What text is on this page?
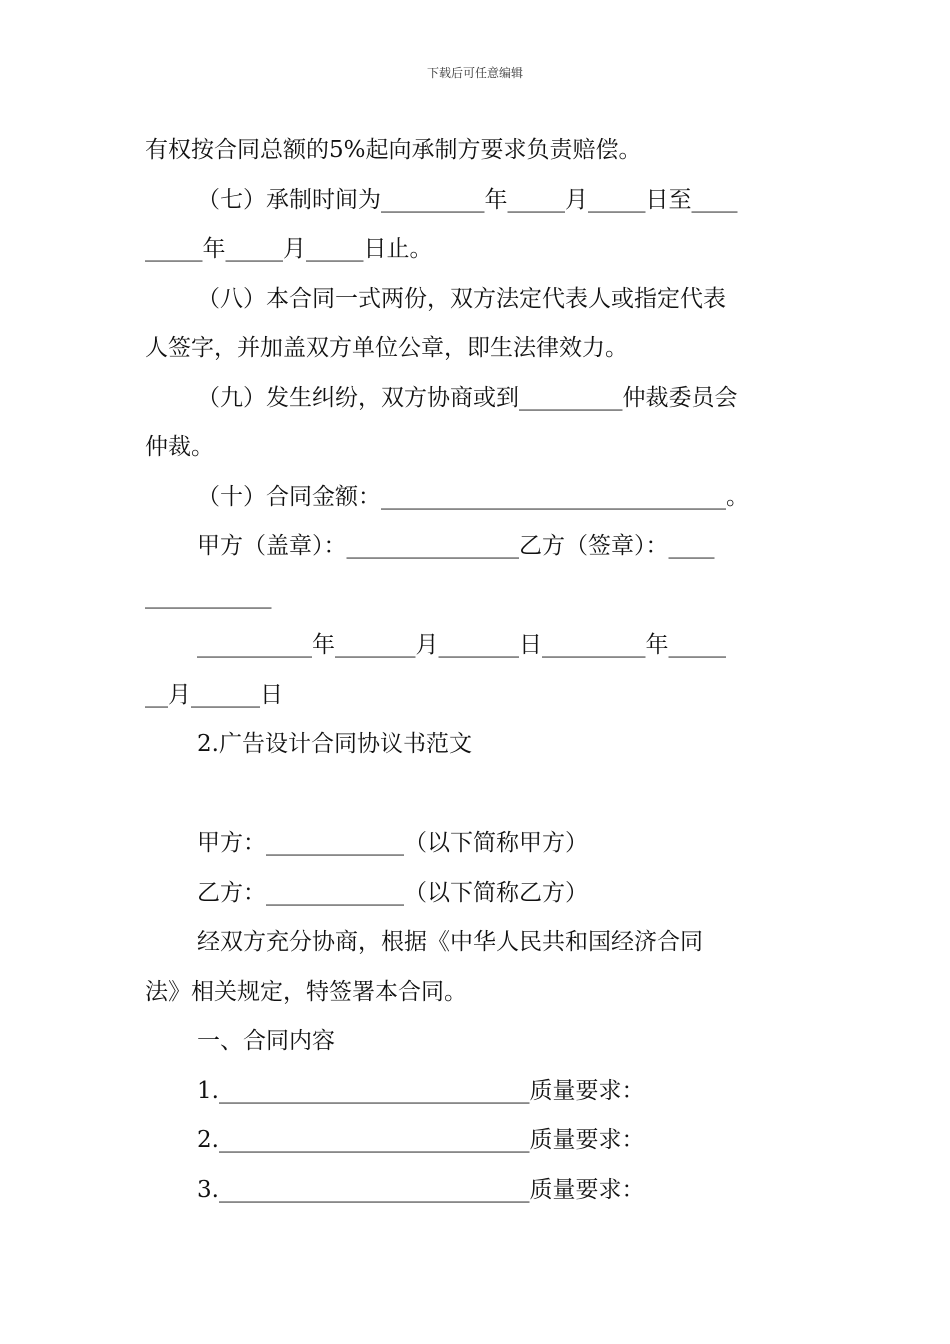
下载后可任意编辑
有权按合同总额的5%起向承制方要求负责赔偿。
（七）承制时间为_________年_____月_____日至____
_____年_____月_____日止。
（八）本合同一式两份，双方法定代表人或指定代表
人签字，并加盖双方单位公章，即生法律效力。
（九）发生纠纷，双方协商或到_________仲裁委员会
仲裁。
（十）合同金额：______________________________。
甲方（盖章）：_______________乙方（签章）：____
___________
__________年_______月_______日_________年_____
__月______日
2.广告设计合同协议书范文
甲方：____________（以下简称甲方）
乙方：____________（以下简称乙方）
经双方充分协商，根据《中华人民共和国经济合同
法》相关规定，特签署本合同。
一、合同内容
1.___________________________质量要求：
2.___________________________质量要求：
3.___________________________质量要求：
